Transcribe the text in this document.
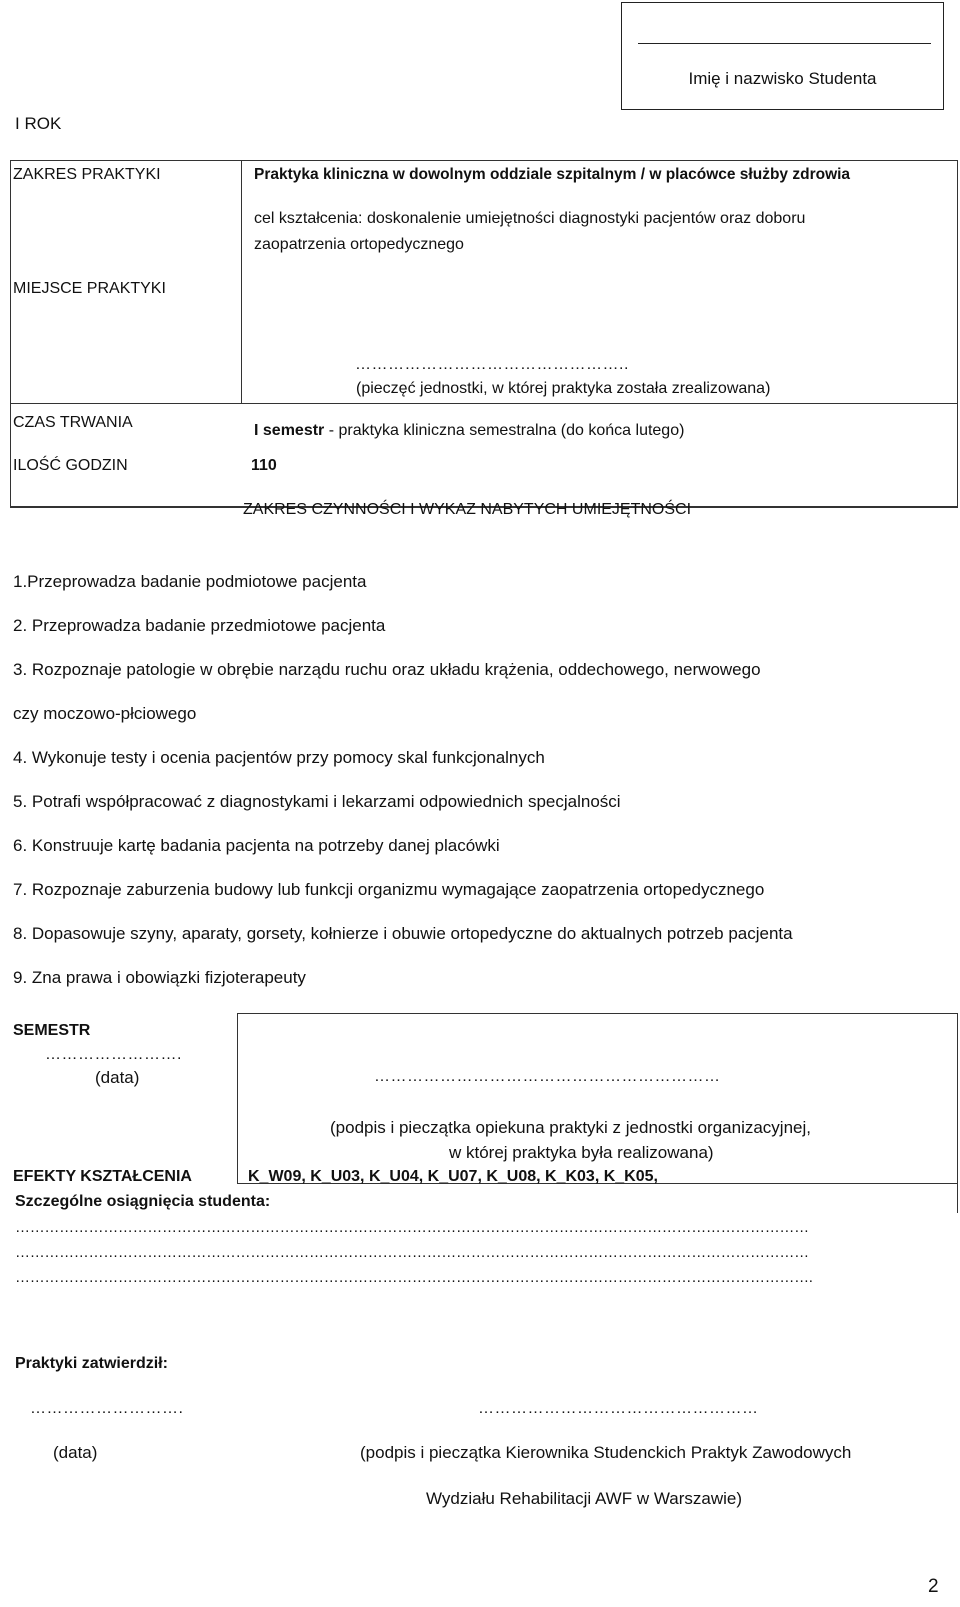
Imię i nazwisko Studenta
I ROK
ZAKRES PRAKTYKI	Praktyka kliniczna w dowolnym oddziale szpitalnym / w placówce służby zdrowia
cel kształcenia: doskonalenie umiejętności diagnostyki pacjentów oraz doboru
zaopatrzenia ortopedycznego
MIEJSCE PRAKTYKI
…………………………………………..
(pieczęć jednostki, w której praktyka została zrealizowana)
CZAS TRWANIA	I semestr - praktyka kliniczna semestralna (do końca lutego)
ILOŚĆ GODZIN	110
ZAKRES CZYNNOŚCI I WYKAZ NABYTYCH UMIEJĘTNOŚCI
1.Przeprowadza badanie podmiotowe pacjenta
2. Przeprowadza badanie przedmiotowe pacjenta
3. Rozpoznaje patologie w obrębie narządu ruchu oraz układu krążenia, oddechowego, nerwowego
czy moczowo-płciowego
4. Wykonuje testy i ocenia pacjentów przy pomocy skal funkcjonalnych
5. Potrafi współpracować z diagnostykami i lekarzami odpowiednich specjalności
6. Konstruuje kartę badania pacjenta na potrzeby danej placówki
7. Rozpoznaje zaburzenia budowy lub funkcji organizmu wymagające zaopatrzenia ortopedycznego
8. Dopasowuje szyny, aparaty, gorsety, kołnierze i obuwie ortopedyczne do aktualnych potrzeb pacjenta
9. Zna prawa i obowiązki fizjoterapeuty
SEMESTR
…………………….
(data)	………………………………………………………
(podpis i pieczątka opiekuna praktyki z jednostki organizacyjnej,
w której praktyka była realizowana)
EFEKTY KSZTAŁCENIA	K_W09, K_U03, K_U04, K_U07, K_U08, K_K03, K_K05,
Szczególne osiągnięcia studenta:
………………………………………………………………………………………………………………………………………………
………………………………………………………………………………………………………………………………………………
……………………………………………………………………………………………………………………………………………….
Praktyki zatwierdził:
……………………….	……………………………………………
(data)	(podpis i pieczątka Kierownika Studenckich Praktyk Zawodowych
Wydziału Rehabilitacji AWF w Warszawie)
2
